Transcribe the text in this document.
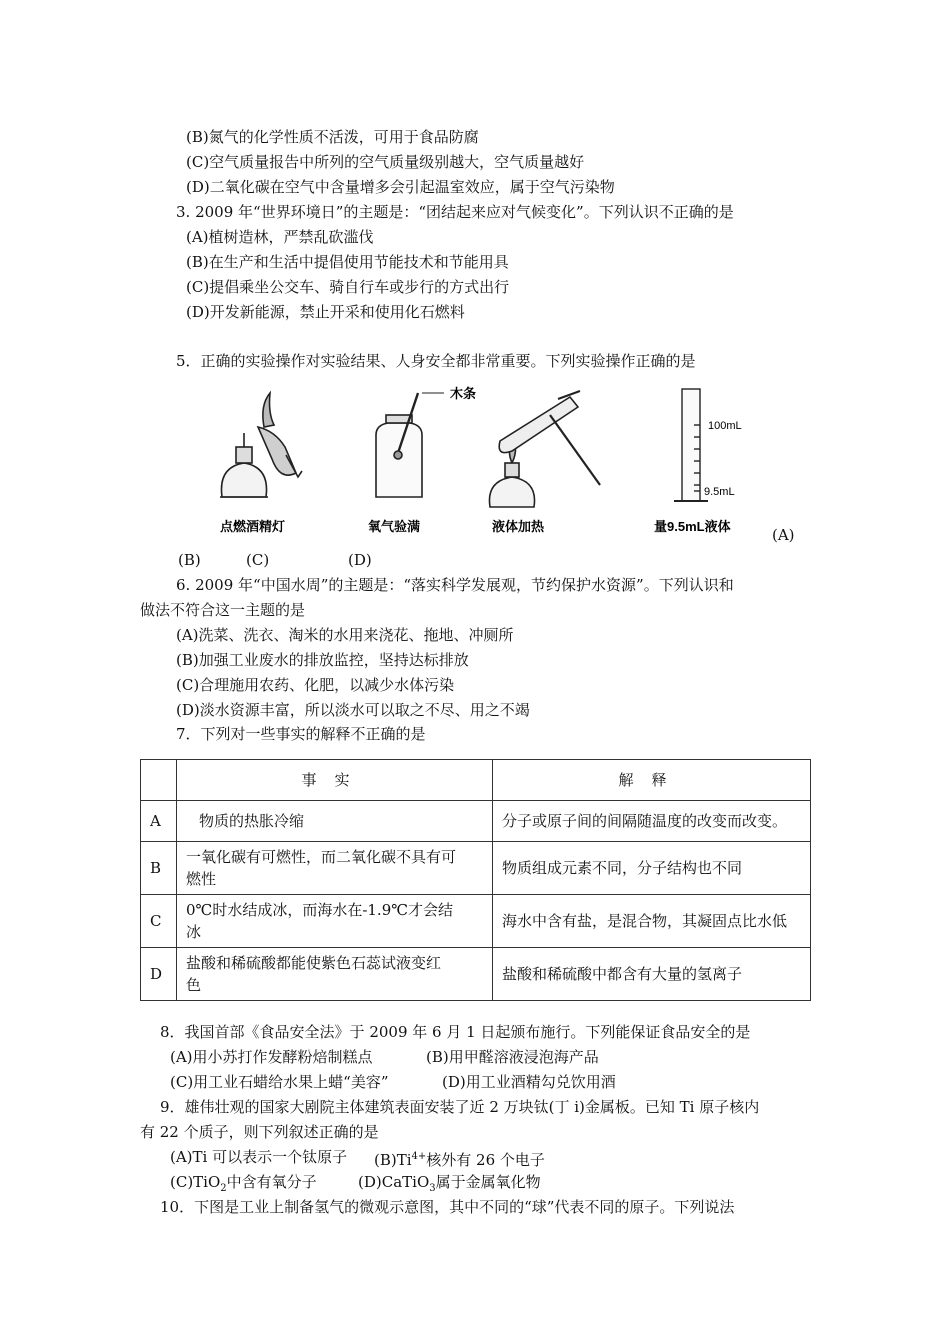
(B)氮气的化学性质不活泼，可用于食品防腐
(C)空气质量报告中所列的空气质量级别越大，空气质量越好
(D)二氧化碳在空气中含量增多会引起温室效应，属于空气污染物
3. 2009 年“世界环境日”的主题是：“团结起来应对气候变化”。下列认识不正确的是
(A)植树造林，严禁乱砍滥伐
(B)在生产和生活中提倡使用节能技术和节能用具
(C)提倡乘坐公交车、骑自行车或步行的方式出行
(D)开发新能源，禁止开采和使用化石燃料
5．正确的实验操作对实验结果、人身安全都非常重要。下列实验操作正确的是
木条
100mL
9.5mL
点燃酒精灯	氧气验满	液体加热	量9.5mL液体	(A)
(B)	(C)	(D)
6. 2009 年“中国水周”的主题是：“落实科学发展观，节约保护水资源”。下列认识和
做法不符合这一主题的是
(A)洗菜、洗衣、淘米的水用来浇花、拖地、冲厕所
(B)加强工业废水的排放监控，坚持达标排放
(C)合理施用农药、化肥，以减少水体污染
(D)淡水资源丰富，所以淡水可以取之不尽、用之不竭
7．下列对一些事实的解释不正确的是
	事实	解释
A	物质的热胀冷缩	分子或原子间的间隔随温度的改变而改变。
B	一氧化碳有可燃性，而二氧化碳不具有可
燃性	物质组成元素不同，分子结构也不同
C	0℃时水结成冰，而海水在-1.9℃才会结
冰	海水中含有盐，是混合物，其凝固点比水低
D	盐酸和稀硫酸都能使紫色石蕊试液变红
色	盐酸和稀硫酸中都含有大量的氢离子
8．我国首部《食品安全法》于 2009 年 6 月 1 日起颁布施行。下列能保证食品安全的是
(A)用小苏打作发酵粉焙制糕点	(B)用甲醛溶液浸泡海产品
(C)用工业石蜡给水果上蜡“美容”	(D)用工业酒精勾兑饮用酒
9．雄伟壮观的国家大剧院主体建筑表面安装了近 2 万块钛(丁 i)金属板。已知 Ti 原子核内
有 22 个质子，则下列叙述正确的是
(A)Ti 可以表示一个钛原子 $(B)Ti^{4+}$核外有 26 个电子
(C)TiO$_2$中含有氧分子	(D)CaTiO$_3$属于金属氧化物
10．下图是工业上制备氢气的微观示意图，其中不同的“球”代表不同的原子。下列说法
